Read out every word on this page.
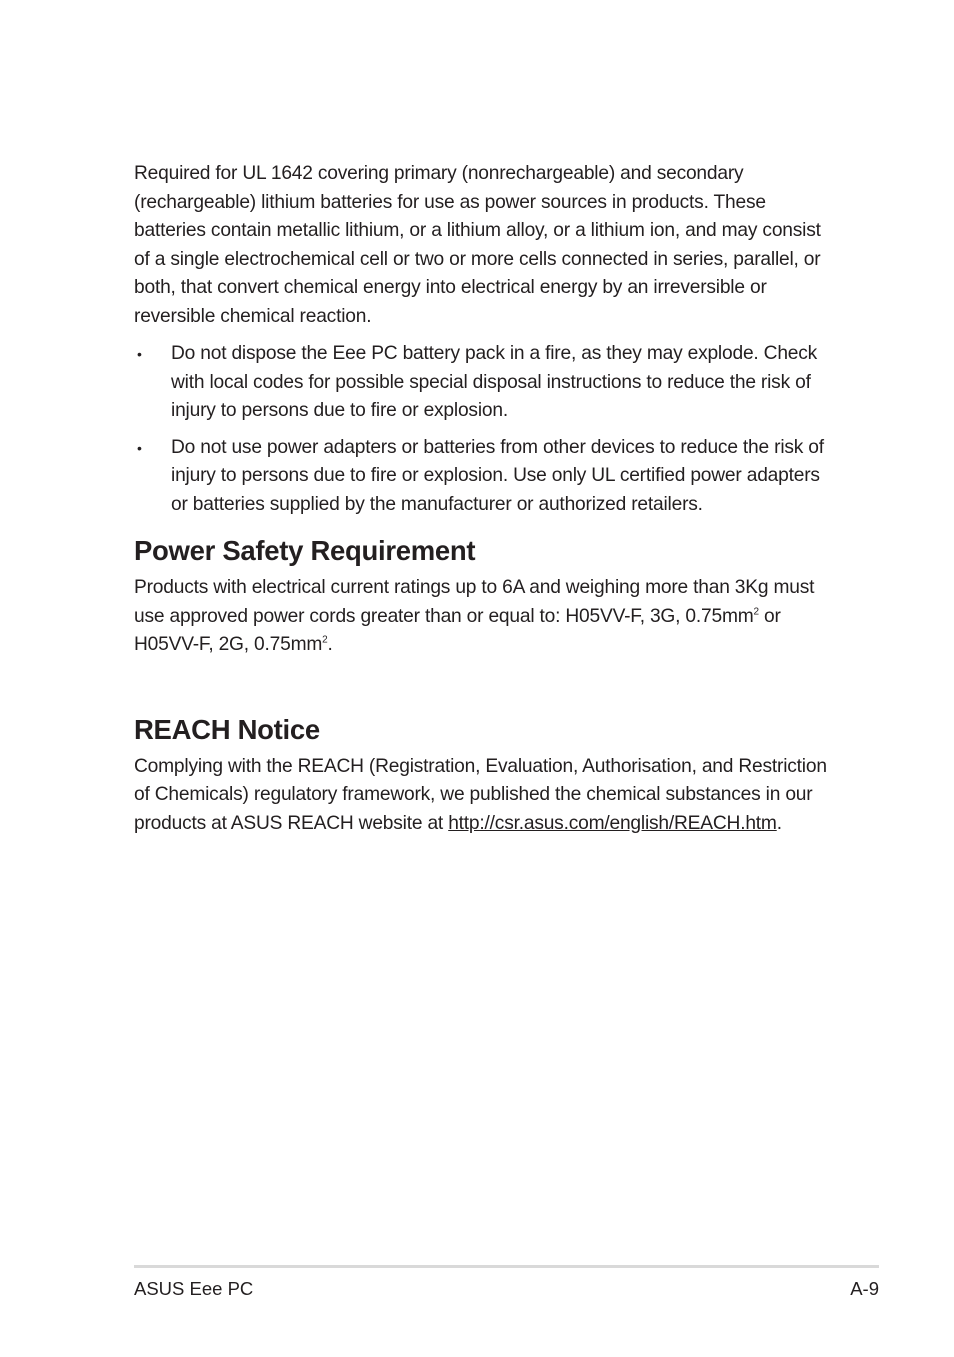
Required for UL 1642 covering primary (nonrechargeable) and secondary (rechargeable) lithium batteries for use as power sources in products. These batteries contain metallic lithium, or a lithium alloy, or a lithium ion, and may consist of a single electrochemical cell or two or more cells connected in series, parallel, or both, that convert chemical energy into electrical energy by an irreversible or reversible chemical reaction.

• Do not dispose the Eee PC battery pack in a fire, as they may explode. Check with local codes for possible special disposal instructions to reduce the risk of injury to persons due to fire or explosion.
• Do not use power adapters or batteries from other devices to reduce the risk of injury to persons due to fire or explosion. Use only UL certified power adapters or batteries supplied by the manufacturer or authorized retailers.
Power Safety Requirement

Products with electrical current ratings up to 6A and weighing more than 3Kg must use approved power cords greater than or equal to: H05VV-F, 3G, $0.75mm^2$ or H05VV-F, 2G, $0.75mm^2$.

REACH Notice

Complying with the REACH (Registration, Evaluation, Authorisation, and Restriction of Chemicals) regulatory framework, we published the chemical substances in our products at ASUS REACH website at http://csr.asus.com/english/REACH.htm.

ASUS Eee PC	A-9
